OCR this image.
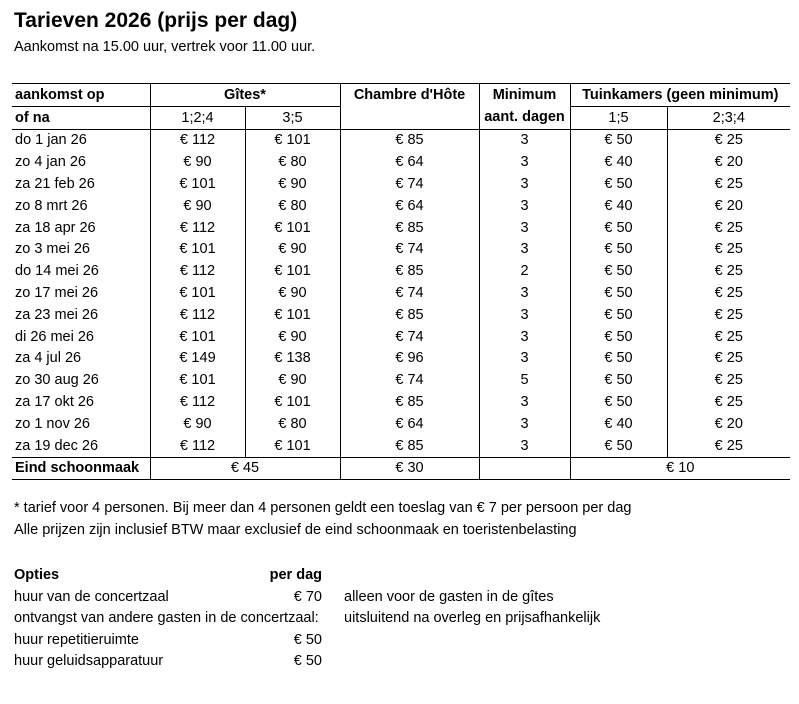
Tarieven 2026 (prijs per dag)
Aankomst na 15.00 uur, vertrek voor 11.00 uur.
aankomst op	Gîtes*		Chambre d'Hôte	Minimum	Tuinkamers (geen minimum)	
of na	1;2;4	3;5		aant. dagen	1;5	2;3;4
do 1 jan 26	€ 112	€ 101	€ 85	3	€ 50	€ 25
zo 4 jan 26	€ 90	€ 80	€ 64	3	€ 40	€ 20
za 21 feb 26	€ 101	€ 90	€ 74	3	€ 50	€ 25
zo 8 mrt 26	€ 90	€ 80	€ 64	3	€ 40	€ 20
za 18 apr 26	€ 112	€ 101	€ 85	3	€ 50	€ 25
zo 3 mei 26	€ 101	€ 90	€ 74	3	€ 50	€ 25
do 14 mei 26	€ 112	€ 101	€ 85	2	€ 50	€ 25
zo 17 mei 26	€ 101	€ 90	€ 74	3	€ 50	€ 25
za 23 mei 26	€ 112	€ 101	€ 85	3	€ 50	€ 25
di 26 mei 26	€ 101	€ 90	€ 74	3	€ 50	€ 25
za 4 jul 26	€ 149	€ 138	€ 96	3	€ 50	€ 25
zo 30 aug 26	€ 101	€ 90	€ 74	5	€ 50	€ 25
za 17 okt 26	€ 112	€ 101	€ 85	3	€ 50	€ 25
zo 1 nov 26	€ 90	€ 80	€ 64	3	€ 40	€ 20
za 19 dec 26	€ 112	€ 101	€ 85	3	€ 50	€ 25
Eind schoonmaak	€ 45		€ 30		€ 10	
* tarief voor 4 personen. Bij meer dan 4 personen geldt een toeslag van € 7 per persoon per dag
Alle prijzen zijn inclusief BTW maar exclusief de eind schoonmaak en toeristenbelasting
Opties	per dag
huur van de concertzaal	€ 70 alleen voor de gasten in de gîtes
ontvangst van andere gasten in de concertzaal: uitsluitend na overleg en prijsafhankelijk
huur repetitieruimte	€ 50
huur geluidsapparatuur	€ 50
